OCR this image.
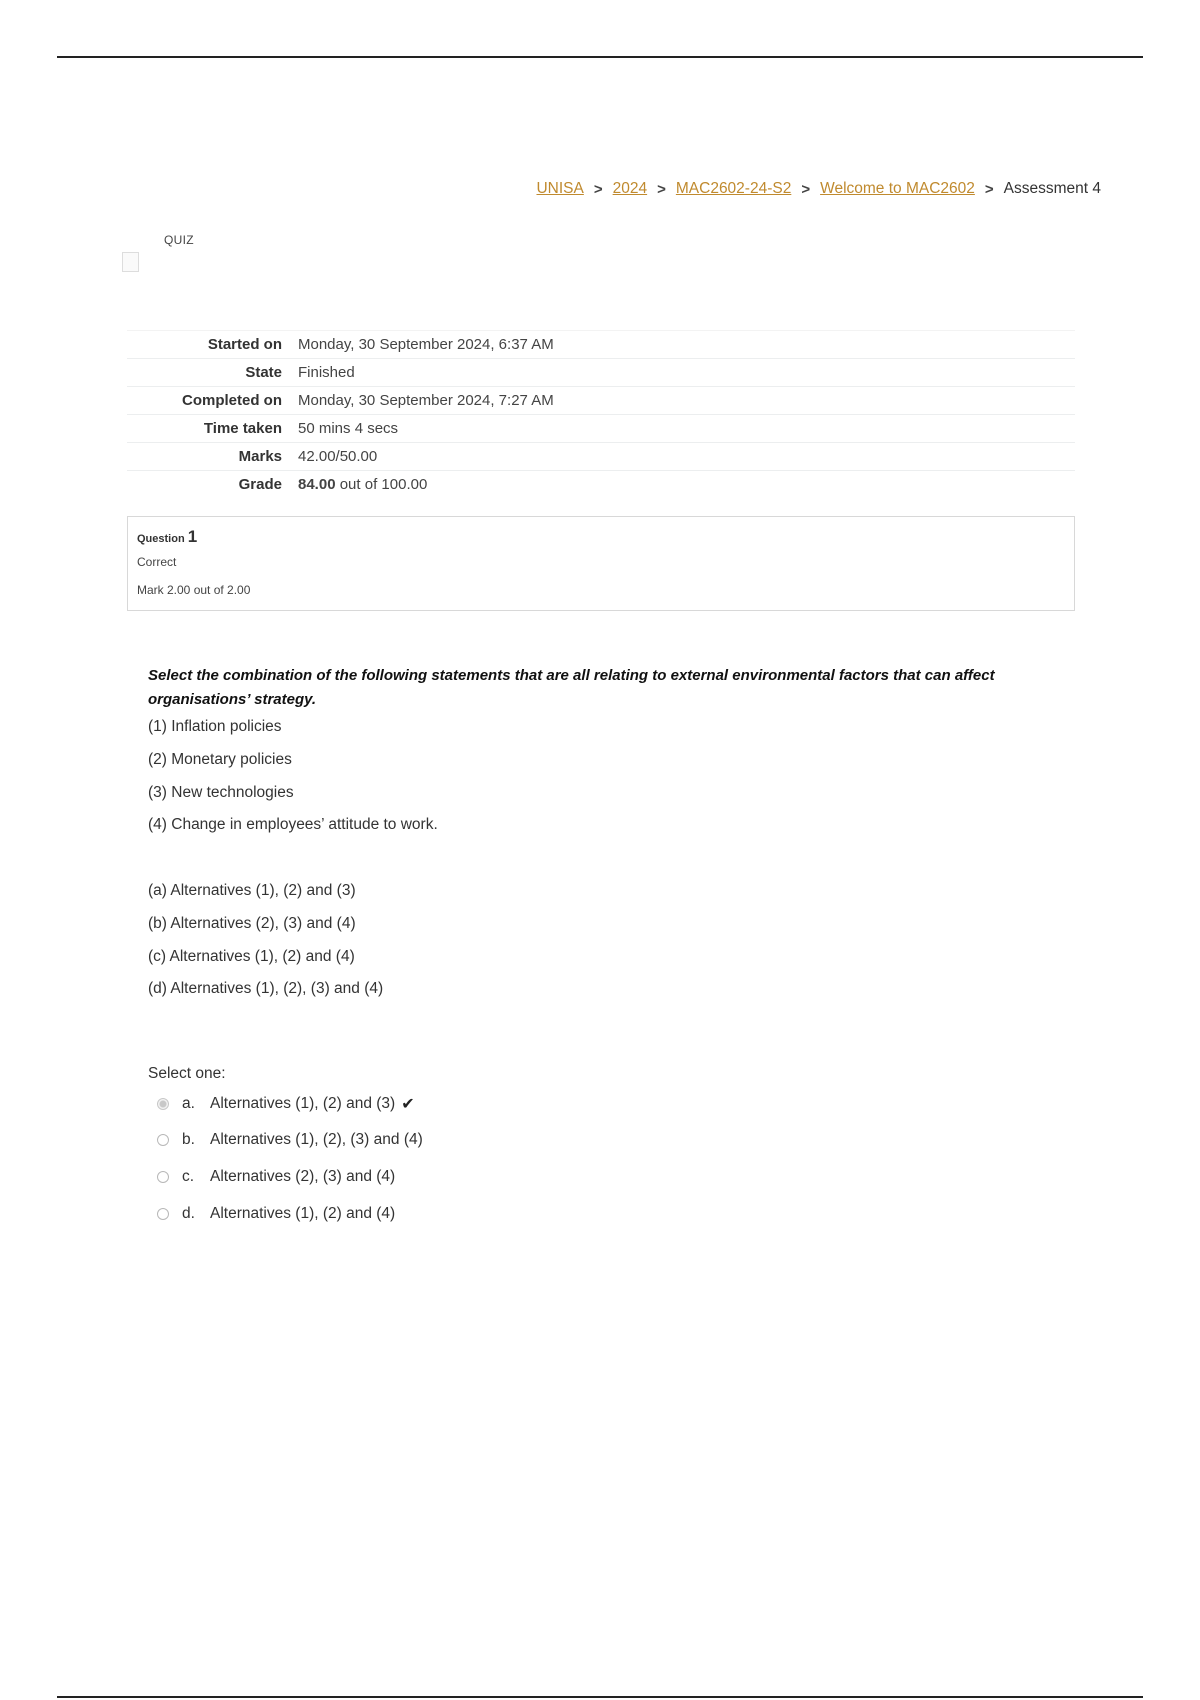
UNISA > 2024 > MAC2602-24-S2 > Welcome to MAC2602 > Assessment 4
QUIZ
Started on	Monday, 30 September 2024, 6:37 AM
State	Finished
Completed on	Monday, 30 September 2024, 7:27 AM
Time taken	50 mins 4 secs
Marks	42.00/50.00
Grade	84.00 out of 100.00
Question 1
Correct
Mark 2.00 out of 2.00
Select the combination of the following statements that are all relating to external environmental factors that can affect organisations’ strategy.
(1) Inflation policies
(2) Monetary policies
(3) New technologies
(4) Change in employees’ attitude to work.
(a) Alternatives (1), (2) and (3)
(b) Alternatives (2), (3) and (4)
(c) Alternatives (1), (2) and (4)
(d) Alternatives (1), (2), (3) and (4)
Select one:
a. Alternatives (1), (2) and (3) ✔
b. Alternatives (1), (2), (3) and (4)
c.	Alternatives (2), (3) and (4)
d. Alternatives (1), (2) and (4)
